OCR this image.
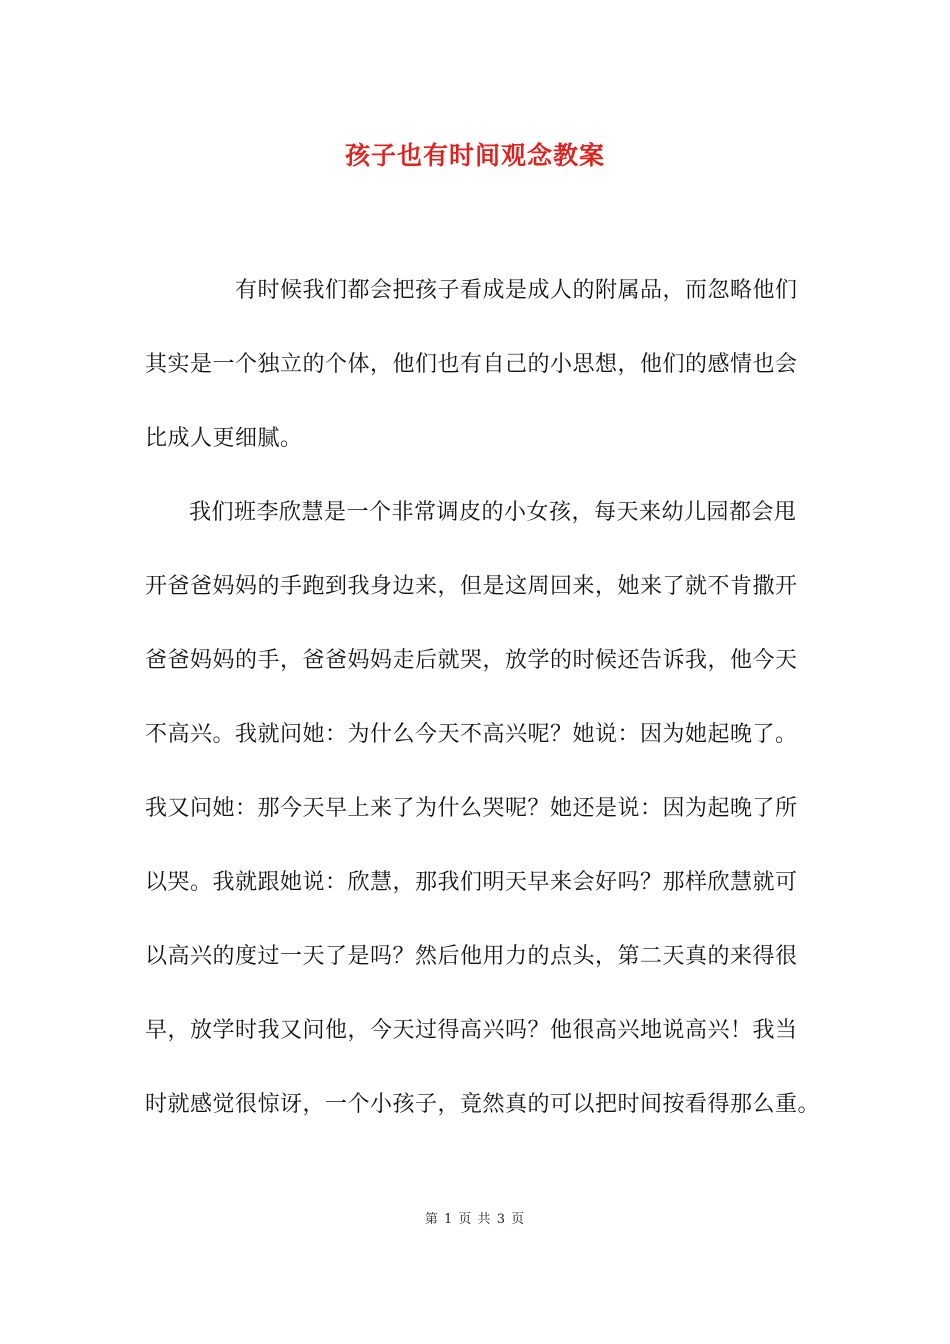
孩子也有时间观念教案
有时候我们都会把孩子看成是成人的附属品，而忽略他们
其实是一个独立的个体，他们也有自己的小思想，他们的感情也会
比成人更细腻。
我们班李欣慧是一个非常调皮的小女孩，每天来幼儿园都会甩
开爸爸妈妈的手跑到我身边来，但是这周回来，她来了就不肯撒开
爸爸妈妈的手，爸爸妈妈走后就哭，放学的时候还告诉我，他今天
不高兴。我就问她：为什么今天不高兴呢？她说：因为她起晚了。
我又问她：那今天早上来了为什么哭呢？她还是说：因为起晚了所
以哭。我就跟她说：欣慧，那我们明天早来会好吗？那样欣慧就可
以高兴的度过一天了是吗？然后他用力的点头，第二天真的来得很
早，放学时我又问他，今天过得高兴吗？他很高兴地说高兴！我当
时就感觉很惊讶，一个小孩子，竟然真的可以把时间按看得那么重。
第 1 页 共 3 页
